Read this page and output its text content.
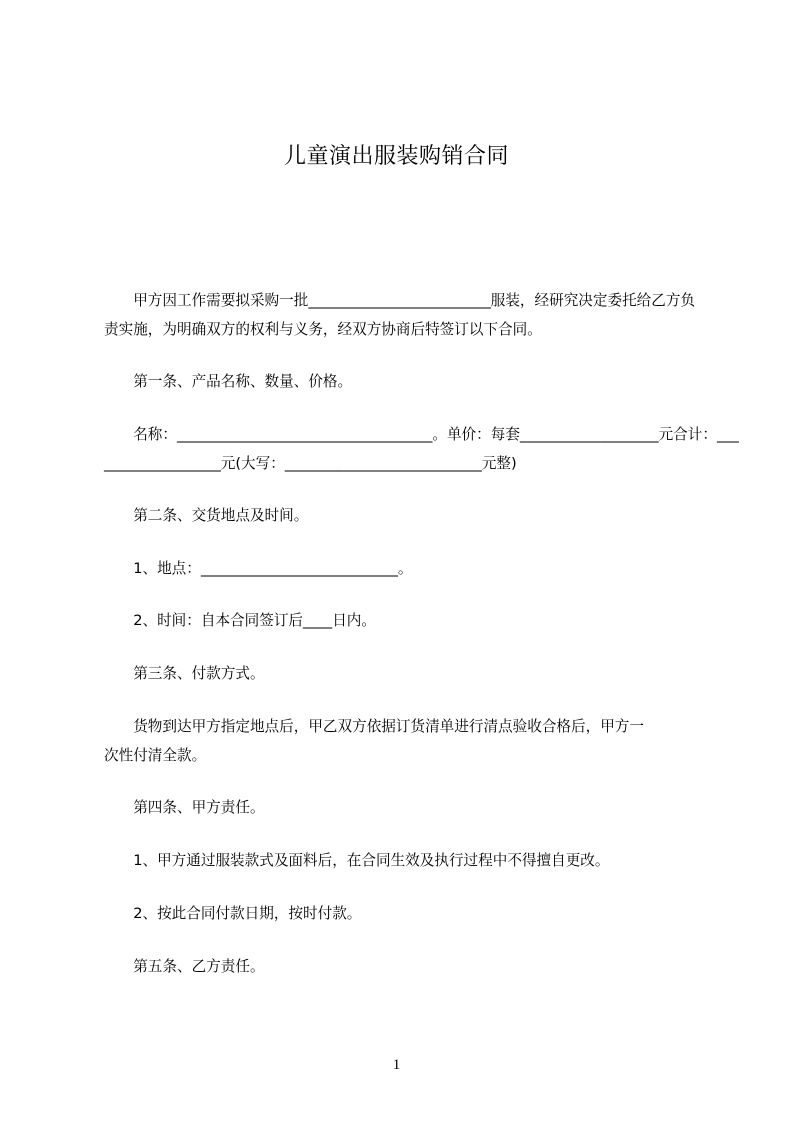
儿童演出服装购销合同
　　甲方因工作需要拟采购一批_________________________服装，经研究决定委托给乙方负
责实施，为明确双方的权利与义务，经双方协商后特签订以下合同。
　　第一条、产品名称、数量、价格。
　　名称：___________________________________。单价：每套___________________元合计：___
________________元(大写：___________________________元整)
　　第二条、交货地点及时间。
　　1、地点：___________________________。
　　2、时间：自本合同签订后____日内。
　　第三条、付款方式。
　　货物到达甲方指定地点后，甲乙双方依据订货清单进行清点验收合格后，甲方一
次性付清全款。
　　第四条、甲方责任。
　　1、甲方通过服装款式及面料后，在合同生效及执行过程中不得擅自更改。
　　2、按此合同付款日期，按时付款。
　　第五条、乙方责任。
1
